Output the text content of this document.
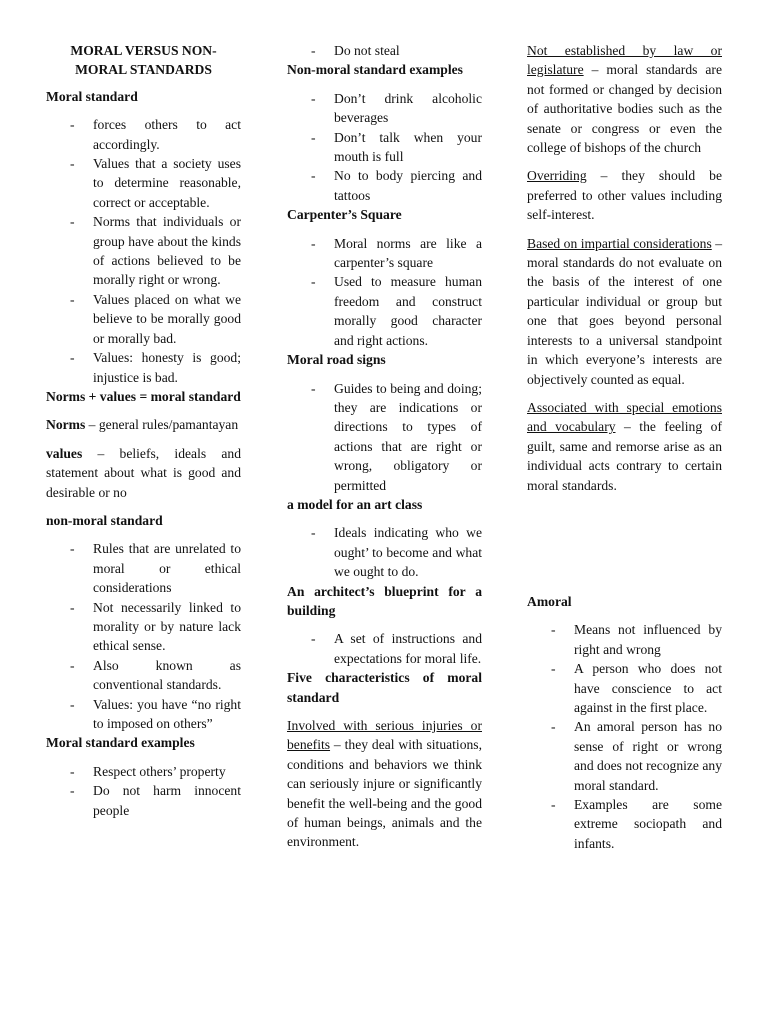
MORAL VERSUS NON-MORAL STANDARDS
Moral standard
- forces others to act accordingly.
- Values that a society uses to determine reasonable, correct or acceptable.
- Norms that individuals or group have about the kinds of actions believed to be morally right or wrong.
- Values placed on what we believe to be morally good or morally bad.
- Values: honesty is good; injustice is bad.
Norms + values = moral standard
Norms – general rules/pamantayan
values – beliefs, ideals and statement about what is good and desirable or no
non-moral standard
- Rules that are unrelated to moral or ethical considerations
- Not necessarily linked to morality or by nature lack ethical sense.
- Also known as conventional standards.
- Values: you have “no right to imposed on others”
Moral standard examples
- Respect others’ property
- Do not harm innocent people
- Do not steal
Non-moral standard examples
- Don’t drink alcoholic beverages
- Don’t talk when your mouth is full
- No to body piercing and tattoos
Carpenter’s Square
- Moral norms are like a carpenter’s square
- Used to measure human freedom and construct morally good character and right actions.
Moral road signs
- Guides to being and doing; they are indications or directions to types of actions that are right or wrong, obligatory or permitted
a model for an art class
- Ideals indicating who we ought’ to become and what we ought to do.
An architect’s blueprint for a building
- A set of instructions and expectations for moral life.
Five characteristics of moral standard
Involved with serious injuries or benefits – they deal with situations, conditions and behaviors we think can seriously injure or significantly benefit the well-being and the good of human beings, animals and the environment.
Not established by law or legislature – moral standards are not formed or changed by decision of authoritative bodies such as the senate or congress or even the college of bishops of the church
Overriding – they should be preferred to other values including self-interest.
Based on impartial considerations – moral standards do not evaluate on the basis of the interest of one particular individual or group but one that goes beyond personal interests to a universal standpoint in which everyone’s interests are objectively counted as equal.
Associated with special emotions and vocabulary – the feeling of guilt, same and remorse arise as an individual acts contrary to certain moral standards.
Amoral
- Means not influenced by right and wrong
- A person who does not have conscience to act against in the first place.
- An amoral person has no sense of right or wrong and does not recognize any moral standard.
- Examples are some extreme sociopath and infants.
